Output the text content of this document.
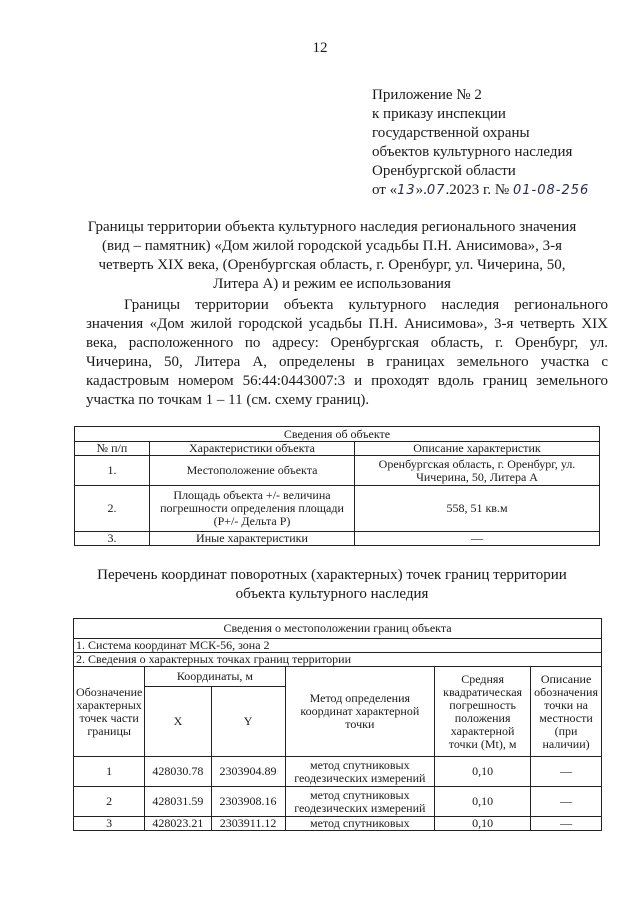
12
Приложение № 2
к приказу инспекции
государственной охраны
объектов культурного наследия
Оренбургской области
от «13».07.2023 г. № 01-08-256
Границы территории объекта культурного наследия регионального значения
(вид – памятник) «Дом жилой городской усадьбы П.Н. Анисимова», 3-я
четверть XIX века, (Оренбургская область, г. Оренбург, ул. Чичерина, 50,
Литера А) и режим ее использования
Границы территории объекта культурного наследия регионального значения «Дом жилой городской усадьбы П.Н. Анисимова», 3-я четверть XIX века, расположенного по адресу: Оренбургская область, г. Оренбург, ул. Чичерина, 50, Литера А, определены в границах земельного участка с кадастровым номером 56:44:0443007:3 и проходят вдоль границ земельного участка по точкам 1 – 11 (см. схему границ).
Сведения об объекте		
№ п/п	Характеристики объекта	Описание характеристик
1.	Местоположение объекта	Оренбургская область, г. Оренбург, ул. Чичерина, 50, Литера А
2.	Площадь объекта +/- величина погрешности определения площади (Р+/- Дельта Р)	558, 51 кв.м
3.	Иные характеристики	—
Перечень координат поворотных (характерных) точек границ территории
объекта культурного наследия
Сведения о местоположении границ объекта					
1. Система координат МСК-56, зона 2					
2. Сведения о характерных точках границ территории					
Обозначение характерных точек части границы	Координаты, м		Метод определения координат характерной точки	Средняя квадратическая погрешность положения характерной точки (Mt), м	Описание обозначения точки на местности (при наличии)
	X	Y			
1	428030.78	2303904.89	метод спутниковых геодезических измерений	0,10	—
2	428031.59	2303908.16	метод спутниковых геодезических измерений	0,10	—
3	428023.21	2303911.12	метод спутниковых	0,10	—
